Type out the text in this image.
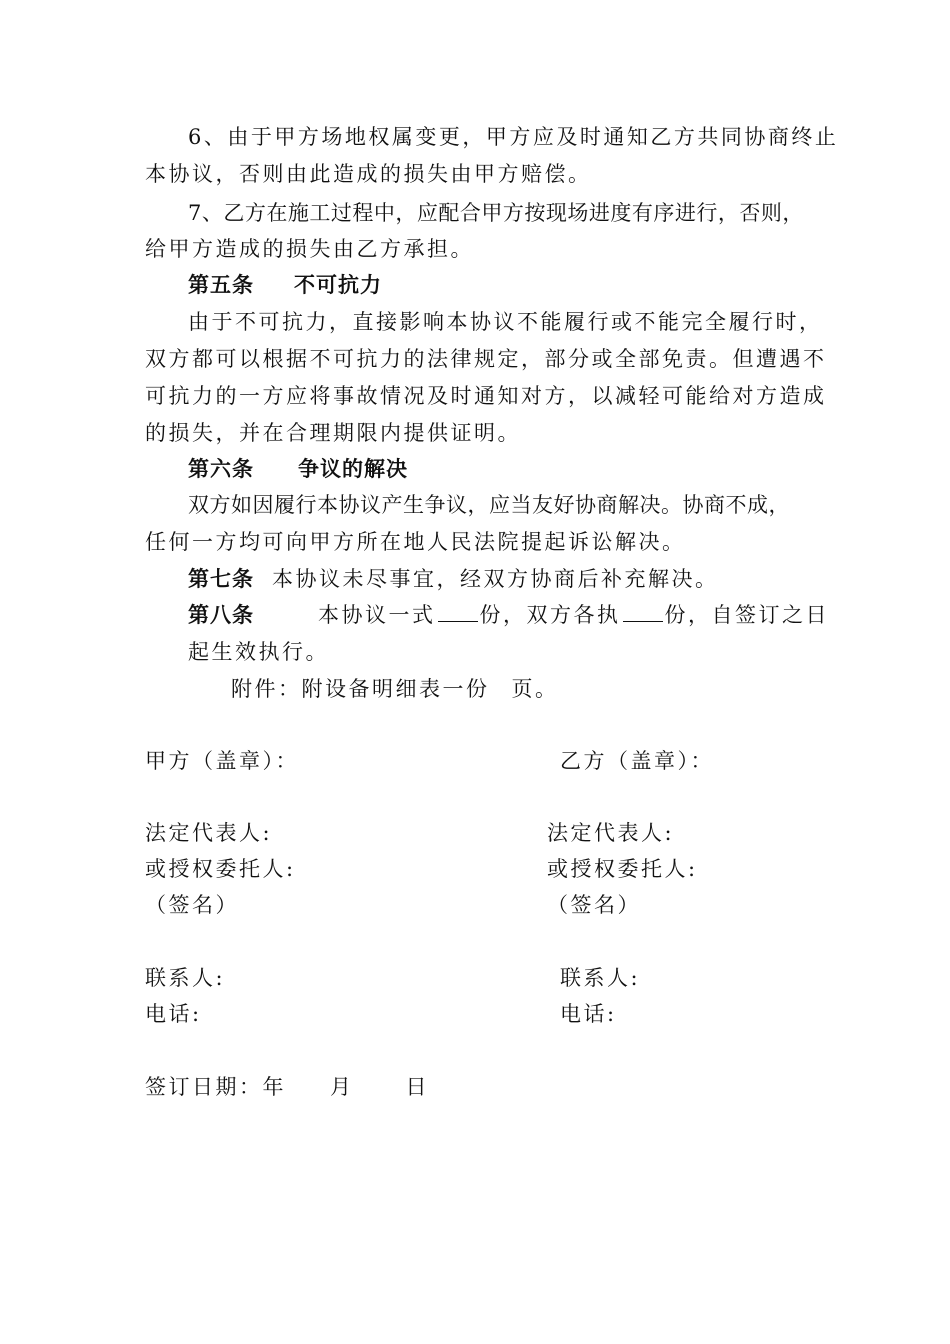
6、由于甲方场地权属变更，甲方应及时通知乙方共同协商终止
本协议，否则由此造成的损失由甲方赔偿。
7、乙方在施工过程中，应配合甲方按现场进度有序进行，否则，
给甲方造成的损失由乙方承担。
第五条 不可抗力
由于不可抗力，直接影响本协议不能履行或不能完全履行时，
双方都可以根据不可抗力的法律规定，部分或全部免责。但遭遇不
可抗力的一方应将事故情况及时通知对方，以减轻可能给对方造成
的损失，并在合理期限内提供证明。
第六条 争议的解决
双方如因履行本协议产生争议，应当友好协商解决。协商不成，
任何一方均可向甲方所在地人民法院提起诉讼解决。
第七条 本协议未尽事宜，经双方协商后补充解决。
第八条	本协议一式 份，双方各执 份，自签订之日
起生效执行。
附件：附设备明细表一份 页。
甲方（盖章）：
法定代表人:
或授权委托人:
（签名）
联系人:
电话:
乙方（盖章）：
法定代表人:
或授权委托人:
（签名）
联系人:
电话:
签订日期：年 月 日
